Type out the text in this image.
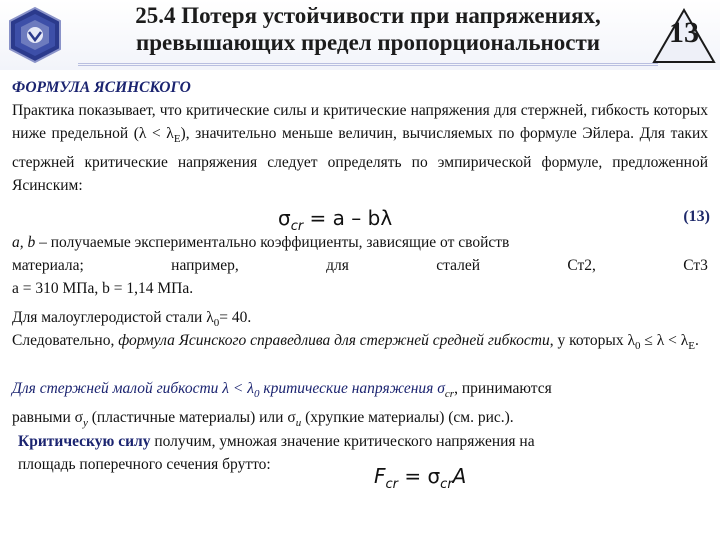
25.4 Потеря устойчивости при напряжениях,
превышающих предел пропорциональности	13
ФОРМУЛА ЯСИНСКОГО
Практика показывает, что критические силы и критические напряжения для стержней, гибкость которых ниже предельной $(\lambda < \lambda_Е)$, значительно меньше величин, вычисляемых по формуле Эйлера. Для таких стержней критические напряжения следует определять по эмпирической формуле, предложенной Ясинским:
$\sigma_{cr} = a - b\lambda$	(13)
a, b – получаемые экспериментально коэффициенты, зависящие от свойств
материала;	например,	для	сталей	Ст2,	Ст3
a = 310 МПа, b = 1,14 МПа.
Для малоуглеродистой стали $\lambda_0= 40$.
Следовательно, формула Ясинского справедлива для стержней средней гибкости, у которых $\lambda_0 \le \lambda < \lambda_Е$.
Для стержней малой гибкости $\lambda < \lambda_0$ критические напряжения $\sigma_{cr}$, принимаются
равными $\sigma_y$ (пластичные материалы) или $\sigma_u$ (хрупкие материалы) (см. рис.).
Критическую силу получим, умножая значение критического напряжения на
площадь поперечного сечения брутто:	$F_{cr} = \sigma_{cr}A$
